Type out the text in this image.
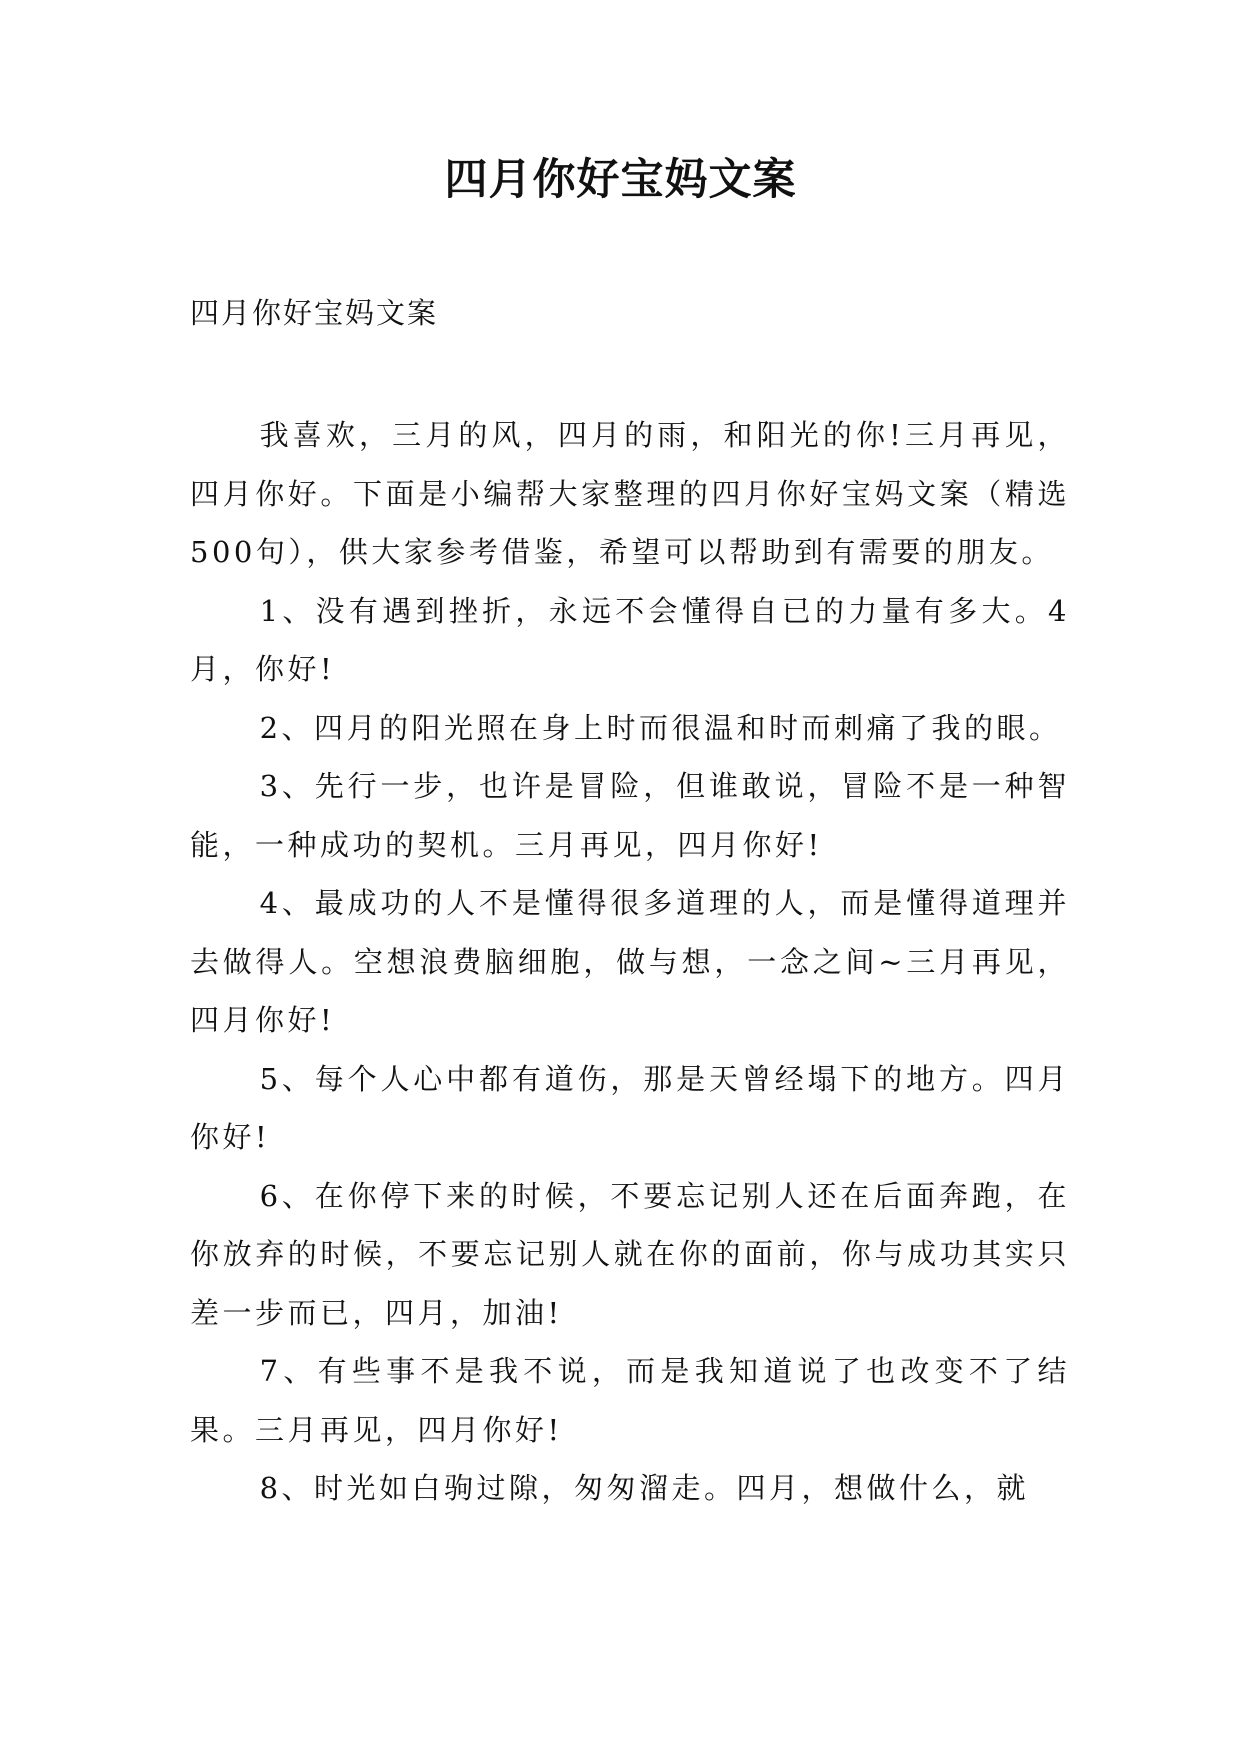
四月你好宝妈文案

四月你好宝妈文案

我喜欢，三月的风，四月的雨，和阳光的你!三月再见，四月你好。下面是小编帮大家整理的四月你好宝妈文案（精选500句），供大家参考借鉴，希望可以帮助到有需要的朋友。

1、没有遇到挫折，永远不会懂得自已的力量有多大。4月，你好!

2、四月的阳光照在身上时而很温和时而刺痛了我的眼。

3、先行一步，也许是冒险，但谁敢说，冒险不是一种智能，一种成功的契机。三月再见，四月你好!

4、最成功的人不是懂得很多道理的人，而是懂得道理并去做得人。空想浪费脑细胞，做与想，一念之间~三月再见，四月你好!

5、每个人心中都有道伤，那是天曾经塌下的地方。四月你好!

6、在你停下来的时候，不要忘记别人还在后面奔跑，在你放弃的时候，不要忘记别人就在你的面前，你与成功其实只差一步而已，四月，加油!

7、有些事不是我不说，而是我知道说了也改变不了结果。三月再见，四月你好!

8、时光如白驹过隙，匆匆溜走。四月，想做什么，就
